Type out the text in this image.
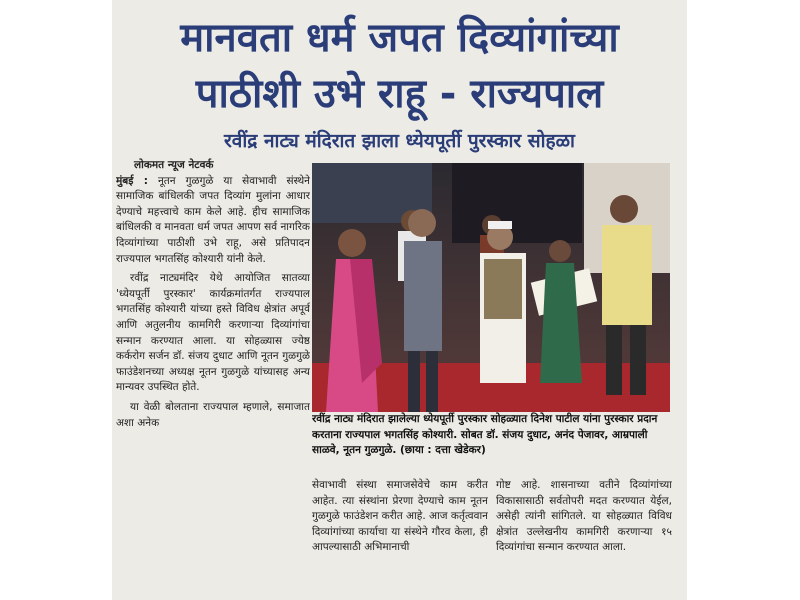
मानवता धर्म जपत दिव्यांगांच्या
पाठीशी उभे राहू - राज्यपाल
रवींद्र नाट्य मंदिरात झाला ध्येयपूर्ती पुरस्कार सोहळा

लोकमत न्यूज नेटवर्क

मुंबई : नूतन गुळगुळे या सेवाभावी संस्थेने सामाजिक बांधिलकी जपत दिव्यांग मुलांना आधार देण्याचे महत्त्वाचे काम केले आहे. हीच सामाजिक बांधिलकी व मानवता धर्म जपत आपण सर्व नागरिक दिव्यांगांच्या पाठीशी उभे राहू, असे प्रतिपादन राज्यपाल भगतसिंह कोश्यारी यांनी केले.

रवींद्र नाट्यमंदिर येथे आयोजित सातव्या 'ध्येयपूर्ती पुरस्कार' कार्यक्रमांतर्गत राज्यपाल भगतसिंह कोश्यारी यांच्या हस्ते विविध क्षेत्रांत अपूर्व आणि अतुलनीय कामगिरी करणाऱ्या दिव्यांगांचा सन्मान करण्यात आला. या सोहळ्यास ज्येष्ठ कर्करोग सर्जन डॉ. संजय दुधाट आणि नूतन गुळगुळे फाउंडेशनच्या अध्यक्ष नूतन गुळगुळे यांच्यासह अन्य मान्यवर उपस्थित होते.

या वेळी बोलताना राज्यपाल म्हणाले, समाजात अशा अनेक	रवींद्र नाट्य मंदिरात झालेल्या ध्येयपूर्ती पुरस्कार सोहळ्यात दिनेश पाटील यांना पुरस्कार प्रदान करताना राज्यपाल भगतसिंह कोश्यारी. सोबत डॉ. संजय दुधाट, अनंद पेजावर, आम्रपाली साळवे, नूतन गुळगुळे. (छाया : दत्ता खेडेकर)

सेवाभावी संस्था समाजसेवेचे काम करीत आहेत. त्या संस्थांना प्रेरणा देण्याचे काम नूतन गुळगुळे फाउंडेशन करीत आहे. आज कर्तृत्ववान दिव्यांगांच्या कार्याचा या संस्थेने गौरव केला, ही आपल्यासाठी अभिमानाची

गोष्ट आहे. शासनाच्या वतीने दिव्यांगांच्या विकासासाठी सर्वतोपरी मदत करण्यात येईल, असेही त्यांनी सांगितले. या सोहळ्यात विविध क्षेत्रांत उल्लेखनीय कामगिरी करणाऱ्या १५ दिव्यांगांचा सन्मान करण्यात आला.
